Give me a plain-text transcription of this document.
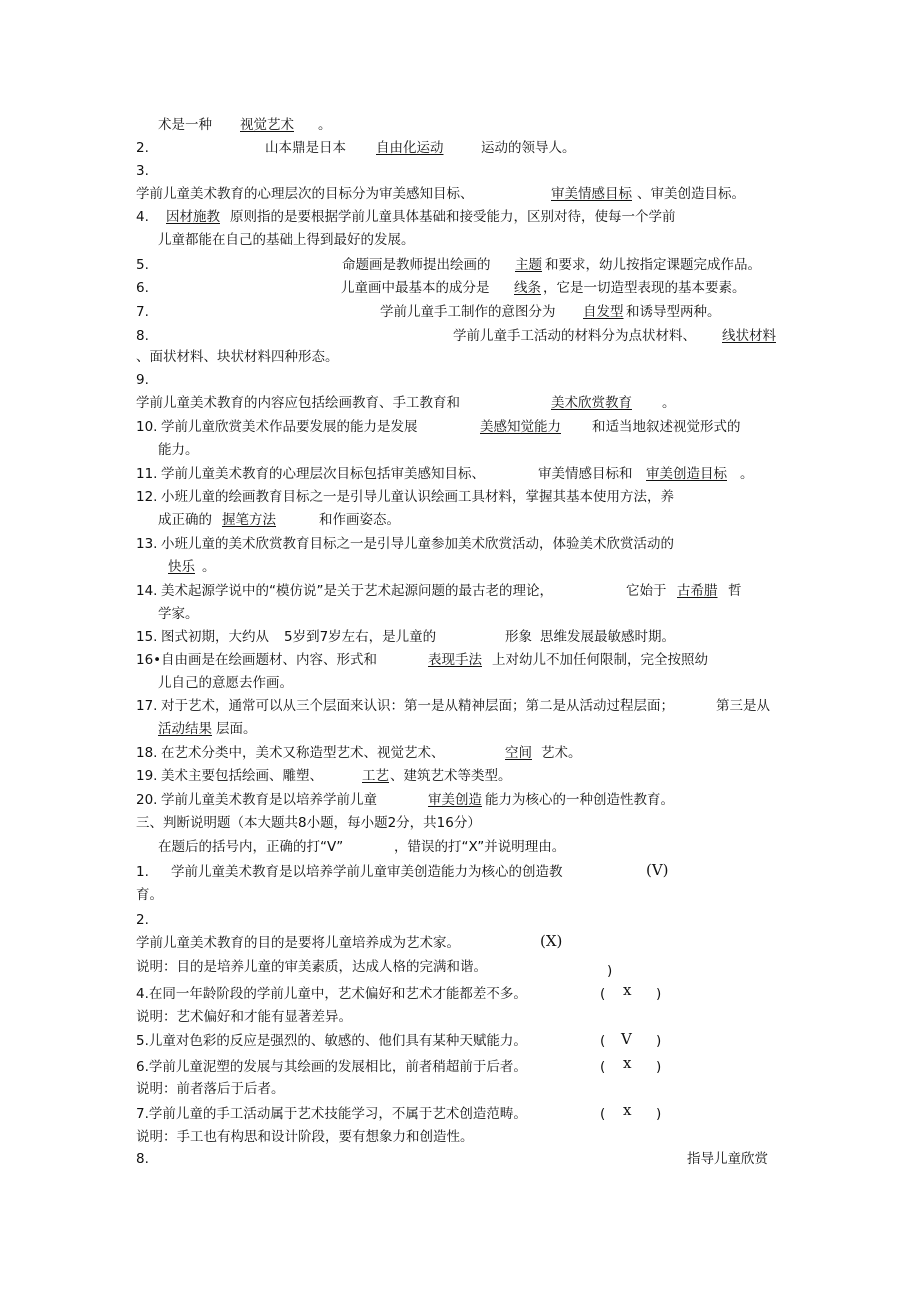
术是一种 视觉艺术 。
2.	山本鼎是日本 自由化运动	运动的领导人。
3.
学前儿童美术教育的心理层次的目标分为审美感知目标、	审美情感目标 、审美创造目标。
4. 因材施教 原则指的是要根据学前儿童具体基础和接受能力，区别对待，使每一个学前
儿童都能在自己的基础上得到最好的发展。
5.	命题画是教师提出绘画的 主题 和要求，幼儿按指定课题完成作品。
6.	儿童画中最基本的成分是 线条 ，它是一切造型表现的基本要素。
7.	学前儿童手工制作的意图分为 自发型 和诱导型两种。
8.	学前儿童手工活动的材料分为点状材料、 线状材料
、面状材料、块状材料四种形态。
9.
学前儿童美术教育的内容应包括绘画教育、手工教育和	美术欣赏教育 。
10. 学前儿童欣赏美术作品要发展的能力是发展	美感知觉能力 和适当地叙述视觉形式的
能力。
11. 学前儿童美术教育的心理层次目标包括审美感知目标、	审美情感目标和 审美创造目标 。
12. 小班儿童的绘画教育目标之一是引导儿童认识绘画工具材料，掌握其基本使用方法，养
成正确的 握笔方法	和作画姿态。
13. 小班儿童的美术欣赏教育目标之一是引导儿童参加美术欣赏活动，体验美术欣赏活动的
快乐 。
14. 美术起源学说中的“模仿说”是关于艺术起源问题的最古老的理论，	它始于 古希腊 哲
学家。
15. 图式初期，大约从 5岁到7岁左右，是儿童的	形象 思维发展最敏感时期。
16• 自由画是在绘画题材、内容、形式和	表现手法 上对幼儿不加任何限制，完全按照幼
儿自己的意愿去作画。
17. 对于艺术，通常可以从三个层面来认识：第一是从精神层面；第二是从活动过程层面；	第三是从
活动结果 层面。
18. 在艺术分类中，美术又称造型艺术、视觉艺术、	空间 艺术。
19. 美术主要包括绘画、雕塑、	工艺 、建筑艺术等类型。
20. 学前儿童美术教育是以培养学前儿童	审美创造 能力为核心的一种创造性教育。
三、判断说明题（本大题共8小题，每小题2分，共16分）
在题后的括号内，正确的打“V”	，错误的打“X”并说明理由。
1. 学前儿童美术教育是以培养学前儿童审美创造能力为核心的创造教	(V)
育。
2.
学前儿童美术教育的目的是要将儿童培养成为艺术家。	(X)
说明：目的是培养儿童的审美素质，达成人格的完满和谐。	)
4.在同一年龄阶段的学前儿童中，艺术偏好和艺术才能都差不多。	( x )
说明：艺术偏好和才能有显著差异。
5.儿童对色彩的反应是强烈的、敏感的、他们具有某种天赋能力。	( V )
6.学前儿童泥塑的发展与其绘画的发展相比，前者稍超前于后者。	( x )
说明：前者落后于后者。
7.学前儿童的手工活动属于艺术技能学习，不属于艺术创造范畴。	( x )
说明：手工也有构思和设计阶段，要有想象力和创造性。
8.	指导儿童欣赏
